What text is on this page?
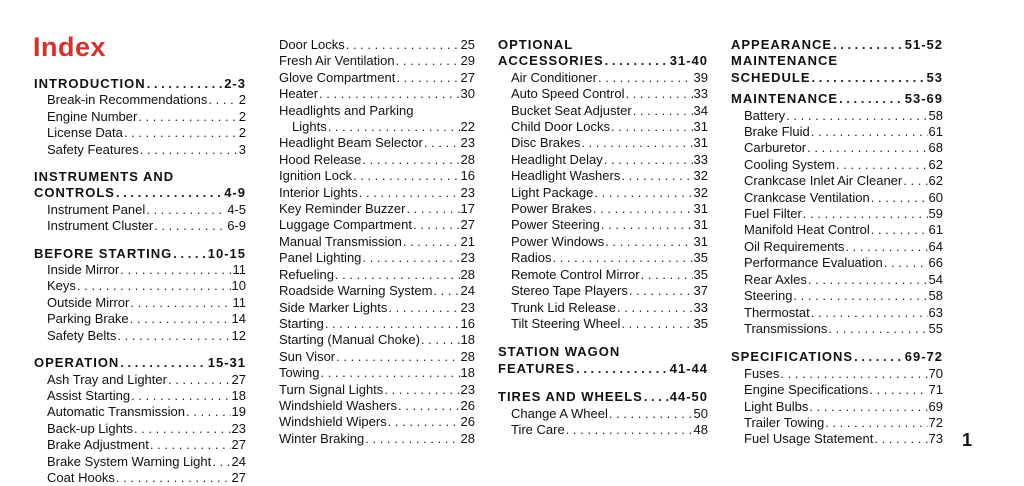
Index
INTRODUCTION . . .	2-3
Break-in Recommendations . . . 2
Engine Number . . .	2
License Data . . .	2
Safety Features . . .	3
INSTRUMENTS AND
CONTROLS . . .	4-9
Instrument Panel . . .	4-5
Instrument Cluster . . .	6-9
BEFORE STARTING . . .	10-15
Inside Mirror . . .	11
Keys . . .	10
Outside Mirror . . .	11
Parking Brake . . .	14
Safety Belts . . .	12
OPERATION . . .	15-31
Ash Tray and Lighter . . .	27
Assist Starting . . .	18
Automatic Transmission . . .	19
Back-up Lights . . .	23
Brake Adjustment . . .	27
Brake System Warning Light . . . 24
Coat Hooks . . .	27
Door Locks . . .	25
Fresh Air Ventilation . . .	29
Glove Compartment . . .	27
Heater . . .	30
Headlights and Parking
Lights . . .	22
Headlight Beam Selector . . .	23
Hood Release . . .	28
Ignition Lock . . .	16
Interior Lights . . .	23
Key Reminder Buzzer . . .	17
Luggage Compartment . . .	27
Manual Transmission . . .	21
Panel Lighting . . .	23
Refueling . . .	28
Roadside Warning System . . . 24
Side Marker Lights . . .	23
Starting . . .	16
Starting (Manual Choke) . . .	18
Sun Visor . . .	28
Towing . . .	18
Turn Signal Lights . . .	23
Windshield Washers . . .	26
Windshield Wipers . . .	26
Winter Braking . . .	28
OPTIONAL
ACCESSORIES . . .	31-40
Air Conditioner . . .	39
Auto Speed Control . . .	33
Bucket Seat Adjuster . . .	34
Child Door Locks . . .	31
Disc Brakes . . .	31
Headlight Delay . . .	33
Headlight Washers . . .	32
Light Package . . .	32
Power Brakes . . .	31
Power Steering . . .	31
Power Windows . . .	31
Radios . . .	35
Remote Control Mirror . . .	35
Stereo Tape Players . . .	37
Trunk Lid Release . . .	33
Tilt Steering Wheel . . .	35
STATION WAGON
FEATURES . . .	41-44
TIRES AND WHEELS . . . 44-50
Change A Wheel . . .	50
Tire Care . . .	48
APPEARANCE . . .	51-52
MAINTENANCE
SCHEDULE . . .	53
MAINTENANCE . . .	53-69
Battery . . .	58
Brake Fluid . . .	61
Carburetor . . .	68
Cooling System . . .	62
Crankcase Inlet Air Cleaner . . . 62
Crankcase Ventilation . . .	60
Fuel Filter . . .	59
Manifold Heat Control . . .	61
Oil Requirements . . .	64
Performance Evaluation . . .	66
Rear Axles . . .	54
Steering . . .	58
Thermostat . . .	63
Transmissions . . .	55
SPECIFICATIONS . . .	69-72
Fuses . . .	70
Engine Specifications . . .	71
Light Bulbs . . .	69
Trailer Towing . . .	72
Fuel Usage Statement . . .	73 1
